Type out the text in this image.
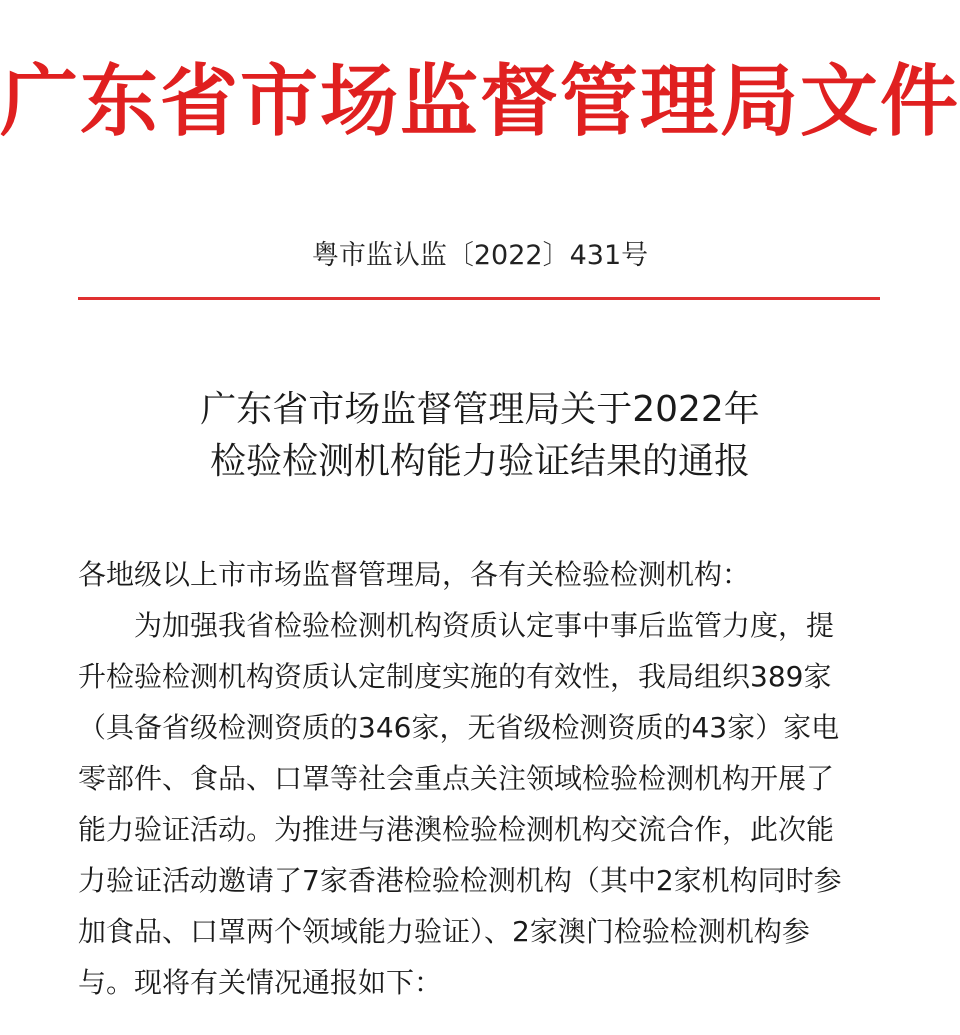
广东省市场监督管理局文件
粤市监认监〔2022〕431号
广东省市场监督管理局关于2022年
检验检测机构能力验证结果的通报
各地级以上市市场监督管理局，各有关检验检测机构：

为加强我省检验检测机构资质认定事中事后监管力度，提

升检验检测机构资质认定制度实施的有效性，我局组织389家

（具备省级检测资质的346家，无省级检测资质的43家）家电

零部件、食品、口罩等社会重点关注领域检验检测机构开展了

能力验证活动。为推进与港澳检验检测机构交流合作，此次能

力验证活动邀请了7家香港检验检测机构（其中2家机构同时参

加食品、口罩两个领域能力验证）、2家澳门检验检测机构参

与。现将有关情况通报如下：
